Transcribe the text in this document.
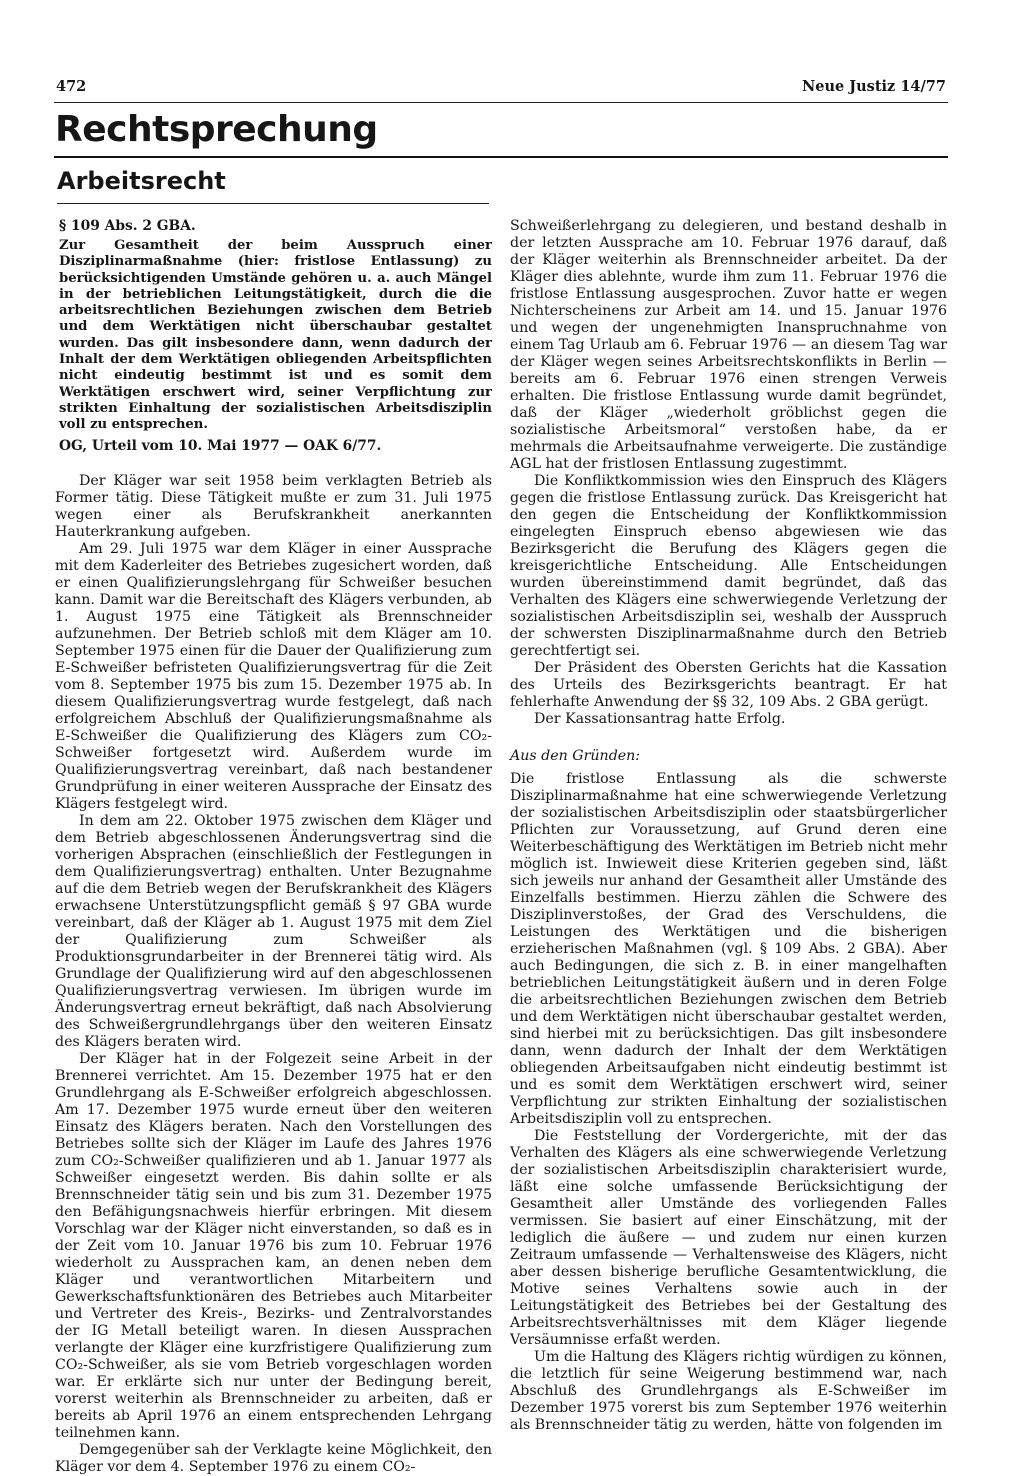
472	Neue Justiz 14/77
Rechtsprechung
Arbeitsrecht

§ 109 Abs. 2 GBA.

Zur Gesamtheit der beim Ausspruch einer Disziplinarmaßnahme (hier: fristlose Entlassung) zu berücksichtigenden Umstände gehören u. a. auch Mängel in der betrieblichen Leitungstätigkeit, durch die die arbeitsrechtlichen Beziehungen zwischen dem Betrieb und dem Werktätigen nicht überschaubar gestaltet wurden. Das gilt insbesondere dann, wenn dadurch der Inhalt der dem Werktätigen obliegenden Arbeitspflichten nicht eindeutig bestimmt ist und es somit dem Werktätigen erschwert wird, seiner Verpflichtung zur strikten Einhaltung der sozialistischen Arbeitsdisziplin voll zu entsprechen.

OG, Urteil vom 10. Mai 1977 — OAK 6/77.

Der Kläger war seit 1958 beim verklagten Betrieb als Former tätig. Diese Tätigkeit mußte er zum 31. Juli 1975 wegen einer als Berufskrankheit anerkannten Hauterkrankung aufgeben.

Am 29. Juli 1975 war dem Kläger in einer Aussprache mit dem Kaderleiter des Betriebes zugesichert worden, daß er einen Qualifizierungslehrgang für Schweißer besuchen kann. Damit war die Bereitschaft des Klägers verbunden, ab 1. August 1975 eine Tätigkeit als Brennschneider aufzunehmen. Der Betrieb schloß mit dem Kläger am 10. September 1975 einen für die Dauer der Qualifizierung zum E-Schweißer befristeten Qualifizierungsvertrag für die Zeit vom 8. September 1975 bis zum 15. Dezember 1975 ab. In diesem Qualifizierungsvertrag wurde festgelegt, daß nach erfolgreichem Abschluß der Qualifizierungsmaßnahme als E-Schweißer die Qualifizierung des Klägers zum CO₂-Schweißer fortgesetzt wird. Außerdem wurde im Qualifizierungsvertrag vereinbart, daß nach bestandener Grundprüfung in einer weiteren Aussprache der Einsatz des Klägers festgelegt wird.

In dem am 22. Oktober 1975 zwischen dem Kläger und dem Betrieb abgeschlossenen Änderungsvertrag sind die vorherigen Absprachen (einschließlich der Festlegungen in dem Qualifizierungsvertrag) enthalten. Unter Bezugnahme auf die dem Betrieb wegen der Berufskrankheit des Klägers erwachsene Unterstützungspflicht gemäß § 97 GBA wurde vereinbart, daß der Kläger ab 1. August 1975 mit dem Ziel der Qualifizierung zum Schweißer als Produktionsgrundarbeiter in der Brennerei tätig wird. Als Grundlage der Qualifizierung wird auf den abgeschlossenen Qualifizierungsvertrag verwiesen. Im übrigen wurde im Änderungsvertrag erneut bekräftigt, daß nach Absolvierung des Schweißergrundlehrgangs über den weiteren Einsatz des Klägers beraten wird.

Der Kläger hat in der Folgezeit seine Arbeit in der Brennerei verrichtet. Am 15. Dezember 1975 hat er den Grundlehrgang als E-Schweißer erfolgreich abgeschlossen. Am 17. Dezember 1975 wurde erneut über den weiteren Einsatz des Klägers beraten. Nach den Vorstellungen des Betriebes sollte sich der Kläger im Laufe des Jahres 1976 zum CO₂-Schweißer qualifizieren und ab 1. Januar 1977 als Schweißer eingesetzt werden. Bis dahin sollte er als Brennschneider tätig sein und bis zum 31. Dezember 1975 den Befähigungsnachweis hierfür erbringen. Mit diesem Vorschlag war der Kläger nicht einverstanden, so daß es in der Zeit vom 10. Januar 1976 bis zum 10. Februar 1976 wiederholt zu Aussprachen kam, an denen neben dem Kläger und verantwortlichen Mitarbeitern und Gewerkschaftsfunktionären des Betriebes auch Mitarbeiter und Vertreter des Kreis-, Bezirks- und Zentralvorstandes der IG Metall beteiligt waren. In diesen Aussprachen verlangte der Kläger eine kurzfristigere Qualifizierung zum CO₂-Schweißer, als sie vom Betrieb vorgeschlagen worden war. Er erklärte sich nur unter der Bedingung bereit, vorerst weiterhin als Brennschneider zu arbeiten, daß er bereits ab April 1976 an einem entsprechenden Lehrgang teilnehmen kann.

Demgegenüber sah der Verklagte keine Möglichkeit, den Kläger vor dem 4. September 1976 zu einem CO₂-

Schweißerlehrgang zu delegieren, und bestand deshalb in der letzten Aussprache am 10. Februar 1976 darauf, daß der Kläger weiterhin als Brennschneider arbeitet. Da der Kläger dies ablehnte, wurde ihm zum 11. Februar 1976 die fristlose Entlassung ausgesprochen. Zuvor hatte er wegen Nichterscheinens zur Arbeit am 14. und 15. Januar 1976 und wegen der ungenehmigten Inanspruchnahme von einem Tag Urlaub am 6. Februar 1976 — an diesem Tag war der Kläger wegen seines Arbeitsrechtskonflikts in Berlin — bereits am 6. Februar 1976 einen strengen Verweis erhalten. Die fristlose Entlassung wurde damit begründet, daß der Kläger „wiederholt gröblichst gegen die sozialistische Arbeitsmoral“ verstoßen habe, da er mehrmals die Arbeitsaufnahme verweigerte. Die zuständige AGL hat der fristlosen Entlassung zugestimmt.

Die Konfliktkommission wies den Einspruch des Klägers gegen die fristlose Entlassung zurück. Das Kreisgericht hat den gegen die Entscheidung der Konfliktkommission eingelegten Einspruch ebenso abgewiesen wie das Bezirksgericht die Berufung des Klägers gegen die kreisgerichtliche Entscheidung. Alle Entscheidungen wurden übereinstimmend damit begründet, daß das Verhalten des Klägers eine schwerwiegende Verletzung der sozialistischen Arbeitsdisziplin sei, weshalb der Ausspruch der schwersten Disziplinarmaßnahme durch den Betrieb gerechtfertigt sei.

Der Präsident des Obersten Gerichts hat die Kassation des Urteils des Bezirksgerichts beantragt. Er hat fehlerhafte Anwendung der §§ 32, 109 Abs. 2 GBA gerügt.

Der Kassationsantrag hatte Erfolg.

Aus den Gründen:

Die fristlose Entlassung als die schwerste Disziplinarmaßnahme hat eine schwerwiegende Verletzung der sozialistischen Arbeitsdisziplin oder staatsbürgerlicher Pflichten zur Voraussetzung, auf Grund deren eine Weiterbeschäftigung des Werktätigen im Betrieb nicht mehr möglich ist. Inwieweit diese Kriterien gegeben sind, läßt sich jeweils nur anhand der Gesamtheit aller Umstände des Einzelfalls bestimmen. Hierzu zählen die Schwere des Disziplinverstoßes, der Grad des Verschuldens, die Leistungen des Werktätigen und die bisherigen erzieherischen Maßnahmen (vgl. § 109 Abs. 2 GBA). Aber auch Bedingungen, die sich z. B. in einer mangelhaften betrieblichen Leitungstätigkeit äußern und in deren Folge die arbeitsrechtlichen Beziehungen zwischen dem Betrieb und dem Werktätigen nicht überschaubar gestaltet werden, sind hierbei mit zu berücksichtigen. Das gilt insbesondere dann, wenn dadurch der Inhalt der dem Werktätigen obliegenden Arbeitsaufgaben nicht eindeutig bestimmt ist und es somit dem Werktätigen erschwert wird, seiner Verpflichtung zur strikten Einhaltung der sozialistischen Arbeitsdisziplin voll zu entsprechen.

Die Feststellung der Vordergerichte, mit der das Verhalten des Klägers als eine schwerwiegende Verletzung der sozialistischen Arbeitsdisziplin charakterisiert wurde, läßt eine solche umfassende Berücksichtigung der Gesamtheit aller Umstände des vorliegenden Falles vermissen. Sie basiert auf einer Einschätzung, mit der lediglich die äußere — und zudem nur einen kurzen Zeitraum umfassende — Verhaltensweise des Klägers, nicht aber dessen bisherige berufliche Gesamtentwicklung, die Motive seines Verhaltens sowie auch in der Leitungstätigkeit des Betriebes bei der Gestaltung des Arbeitsrechtsverhältnisses mit dem Kläger liegende Versäumnisse erfaßt werden.

Um die Haltung des Klägers richtig würdigen zu können, die letztlich für seine Weigerung bestimmend war, nach Abschluß des Grundlehrgangs als E-Schweißer im Dezember 1975 vorerst bis zum September 1976 weiterhin als Brennschneider tätig zu werden, hätte von folgenden im
